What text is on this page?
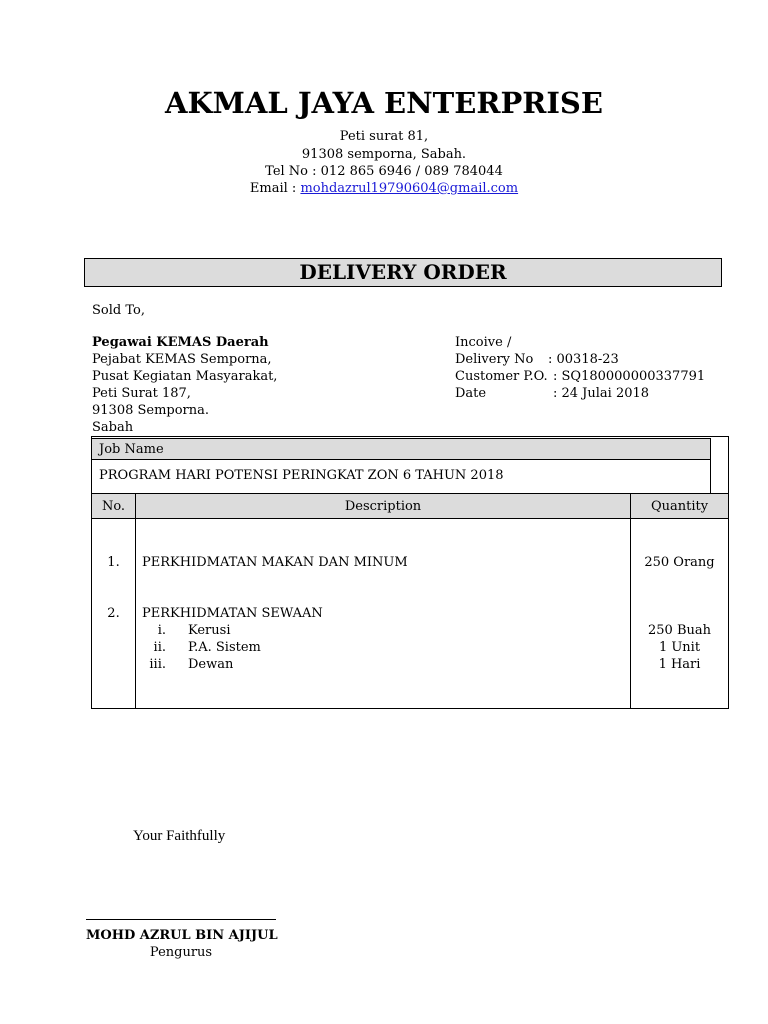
AKMAL JAYA ENTERPRISE
Peti surat 81,
91308 semporna, Sabah.
Tel No : 012 865 6946 / 089 784044
Email : mohdazrul19790604@gmail.com
DELIVERY ORDER
Sold To,
Pegawai KEMAS Daerah
Pejabat KEMAS Semporna,
Pusat Kegiatan Masyarakat,
Peti Surat 187,
91308 Semporna.
Sabah
Incoive /
Delivery No : 00318-23
Customer P.O. : SQ180000000337791
Date	: 24 Julai 2018
Job Name
PROGRAM HARI POTENSI PERINGKAT ZON 6 TAHUN 2018
No.	Description	Quantity
1.	PERKHIDMATAN MAKAN DAN MINUM	250 Orang
2.	PERKHIDMATAN SEWAAN
i. Kerusi	250 Buah
ii. P.A. Sistem	1 Unit
iii. Dewan	1 Hari
Your Faithfully
MOHD AZRUL BIN AJIJUL
Pengurus
